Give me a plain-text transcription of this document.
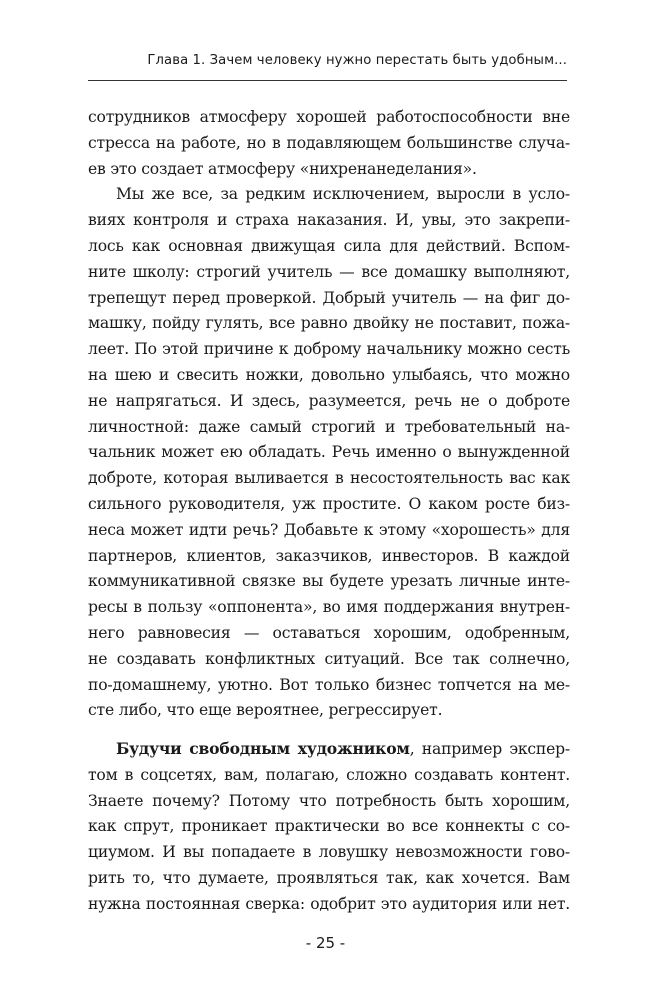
Глава 1. Зачем человеку нужно перестать быть удобным...
сотрудников атмосферу хорошей работоспособности вне
стресса на работе, но в подавляющем большинстве случа-
ев это создает атмосферу «нихренанеделания».
Мы же все, за редким исключением, выросли в усло-
виях контроля и страха наказания. И, увы, это закрепи-
лось как основная движущая сила для действий. Вспом-
ните школу: строгий учитель — все домашку выполняют,
трепещут перед проверкой. Добрый учитель — на фиг до-
машку, пойду гулять, все равно двойку не поставит, пожа-
леет. По этой причине к доброму начальнику можно сесть
на шею и свесить ножки, довольно улыбаясь, что можно
не напрягаться. И здесь, разумеется, речь не о доброте
личностной: даже самый строгий и требовательный на-
чальник может ею обладать. Речь именно о вынужденной
доброте, которая выливается в несостоятельность вас как
сильного руководителя, уж простите. О каком росте биз-
неса может идти речь? Добавьте к этому «хорошесть» для
партнеров, клиентов, заказчиков, инвесторов. В каждой
коммуникативной связке вы будете урезать личные инте-
ресы в пользу «оппонента», во имя поддержания внутрен-
него равновесия — оставаться хорошим, одобренным,
не создавать конфликтных ситуаций. Все так солнечно,
по-домашнему, уютно. Вот только бизнес топчется на ме-
сте либо, что еще вероятнее, регрессирует.
Будучи свободным художником, например экспер-
том в соцсетях, вам, полагаю, сложно создавать контент.
Знаете почему? Потому что потребность быть хорошим,
как спрут, проникает практически во все коннекты с со-
циумом. И вы попадаете в ловушку невозможности гово-
рить то, что думаете, проявляться так, как хочется. Вам
нужна постоянная сверка: одобрит это аудитория или нет.
- 25 -
